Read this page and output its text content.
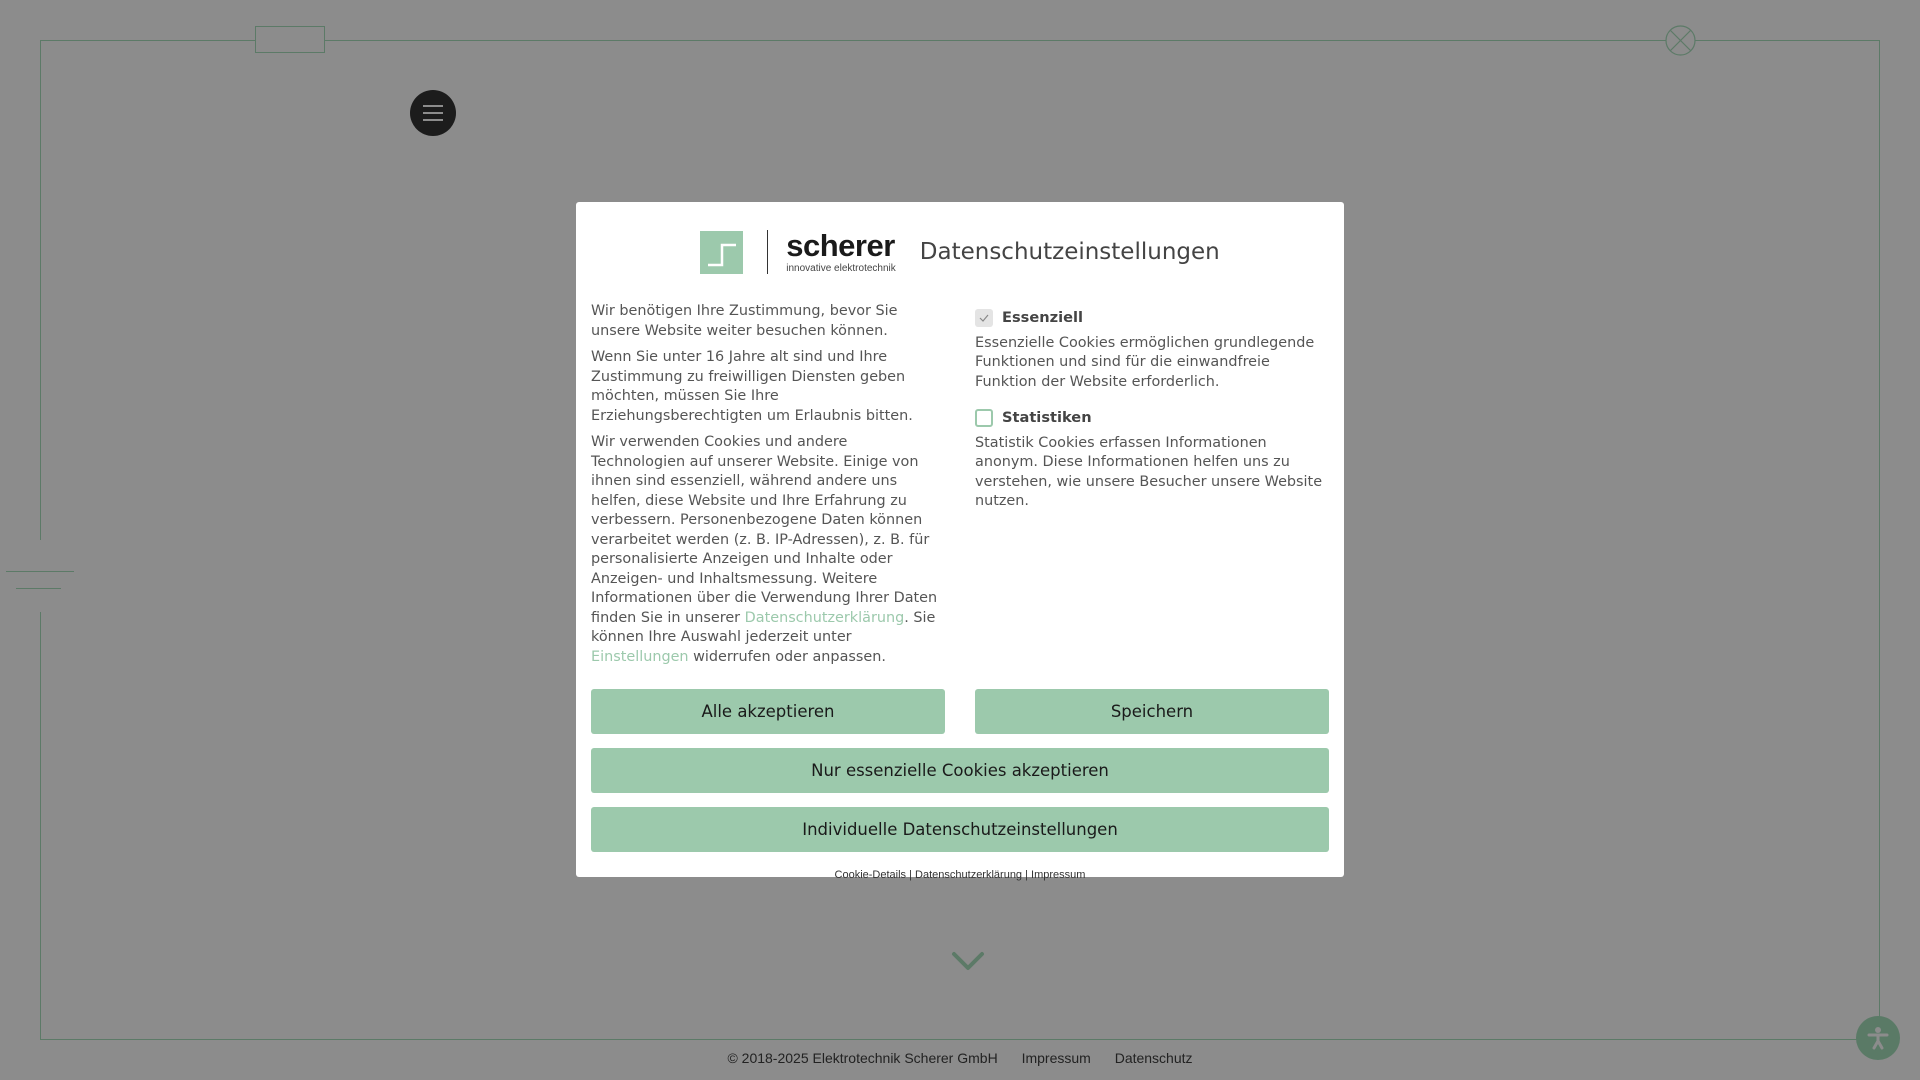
© 2018-2025 Elektrotechnik Scherer GmbH Impressum Datenschutz
scherer
innovative elektrotechnik
Datenschutzeinstellungen

Wir benötigen Ihre Zustimmung, bevor Sie unsere Website weiter besuchen können.

Wenn Sie unter 16 Jahre alt sind und Ihre Zustimmung zu freiwilligen Diensten geben möchten, müssen Sie Ihre Erziehungsberechtigten um Erlaubnis bitten.

Wir verwenden Cookies und andere Technologien auf unserer Website. Einige von ihnen sind essenziell, während andere uns helfen, diese Website und Ihre Erfahrung zu verbessern. Personenbezogene Daten können verarbeitet werden (z. B. IP-Adressen), z. B. für personalisierte Anzeigen und Inhalte oder Anzeigen- und Inhaltsmessung. Weitere Informationen über die Verwendung Ihrer Daten finden Sie in unserer Datenschutzerklärung. Sie können Ihre Auswahl jederzeit unter Einstellungen widerrufen oder anpassen.

Essenziell
Essenzielle Cookies ermöglichen grundlegende Funktionen und sind für die einwandfreie Funktion der Website erforderlich.
Statistiken
Statistik Cookies erfassen Informationen anonym. Diese Informationen helfen uns zu verstehen, wie unsere Besucher unsere Website nutzen.
Alle akzeptieren	Speichern
Nur essenzielle Cookies akzeptieren
Individuelle Datenschutzeinstellungen
Cookie-Details | Datenschutzerklärung | Impressum
